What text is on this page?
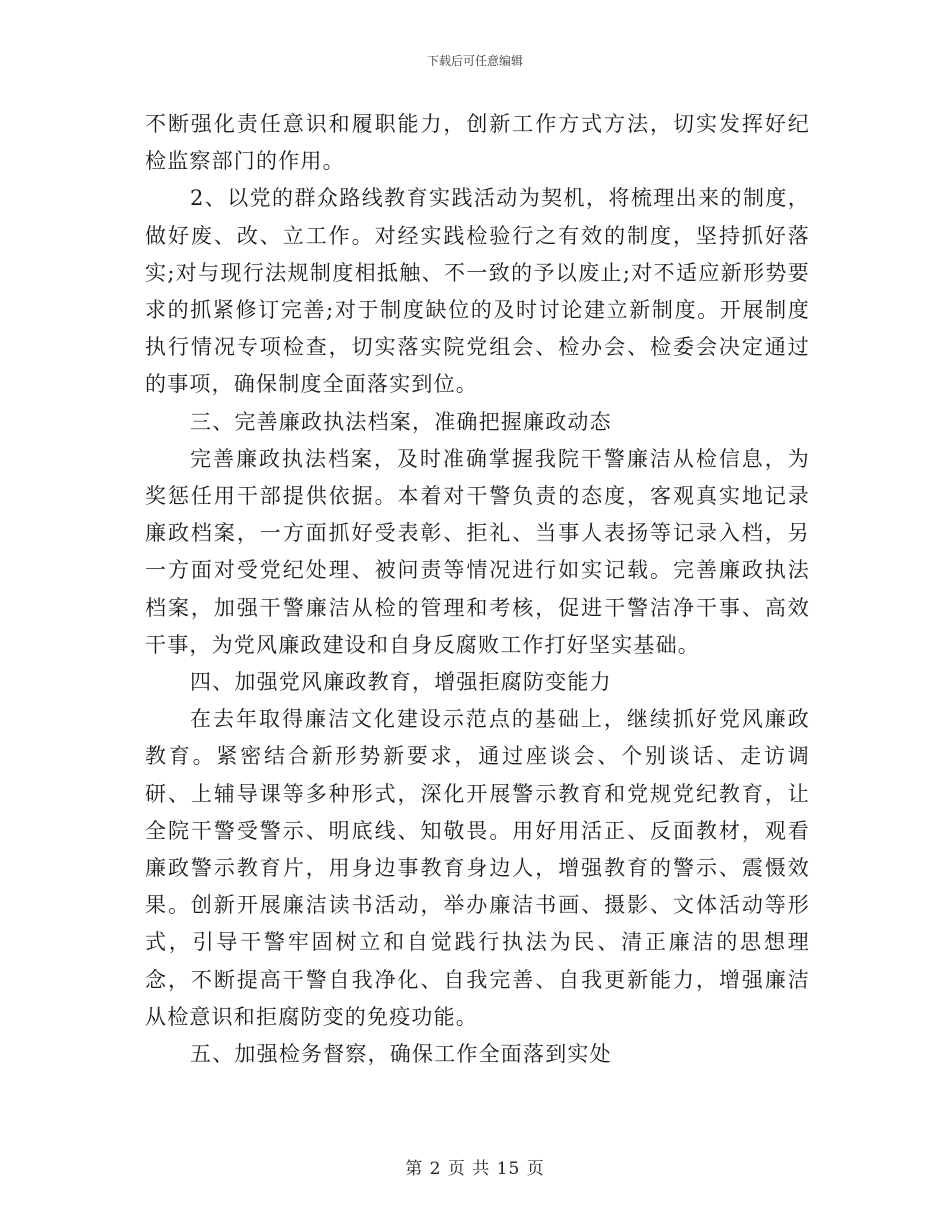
下载后可任意编辑

不断强化责任意识和履职能力，创新工作方式方法，切实发挥好纪检监察部门的作用。

2、以党的群众路线教育实践活动为契机，将梳理出来的制度，做好废、改、立工作。对经实践检验行之有效的制度，坚持抓好落实;对与现行法规制度相抵触、不一致的予以废止;对不适应新形势要求的抓紧修订完善;对于制度缺位的及时讨论建立新制度。开展制度执行情况专项检查，切实落实院党组会、检办会、检委会决定通过的事项，确保制度全面落实到位。

三、完善廉政执法档案，准确把握廉政动态

完善廉政执法档案，及时准确掌握我院干警廉洁从检信息，为奖惩任用干部提供依据。本着对干警负责的态度，客观真实地记录廉政档案，一方面抓好受表彰、拒礼、当事人表扬等记录入档，另一方面对受党纪处理、被问责等情况进行如实记载。完善廉政执法档案，加强干警廉洁从检的管理和考核，促进干警洁净干事、高效干事，为党风廉政建设和自身反腐败工作打好坚实基础。

四、加强党风廉政教育，增强拒腐防变能力

在去年取得廉洁文化建设示范点的基础上，继续抓好党风廉政教育。紧密结合新形势新要求，通过座谈会、个别谈话、走访调研、上辅导课等多种形式，深化开展警示教育和党规党纪教育，让全院干警受警示、明底线、知敬畏。用好用活正、反面教材，观看廉政警示教育片，用身边事教育身边人，增强教育的警示、震慑效果。创新开展廉洁读书活动，举办廉洁书画、摄影、文体活动等形式，引导干警牢固树立和自觉践行执法为民、清正廉洁的思想理念，不断提高干警自我净化、自我完善、自我更新能力，增强廉洁从检意识和拒腐防变的免疫功能。

五、加强检务督察，确保工作全面落到实处

第 2 页 共 15 页
